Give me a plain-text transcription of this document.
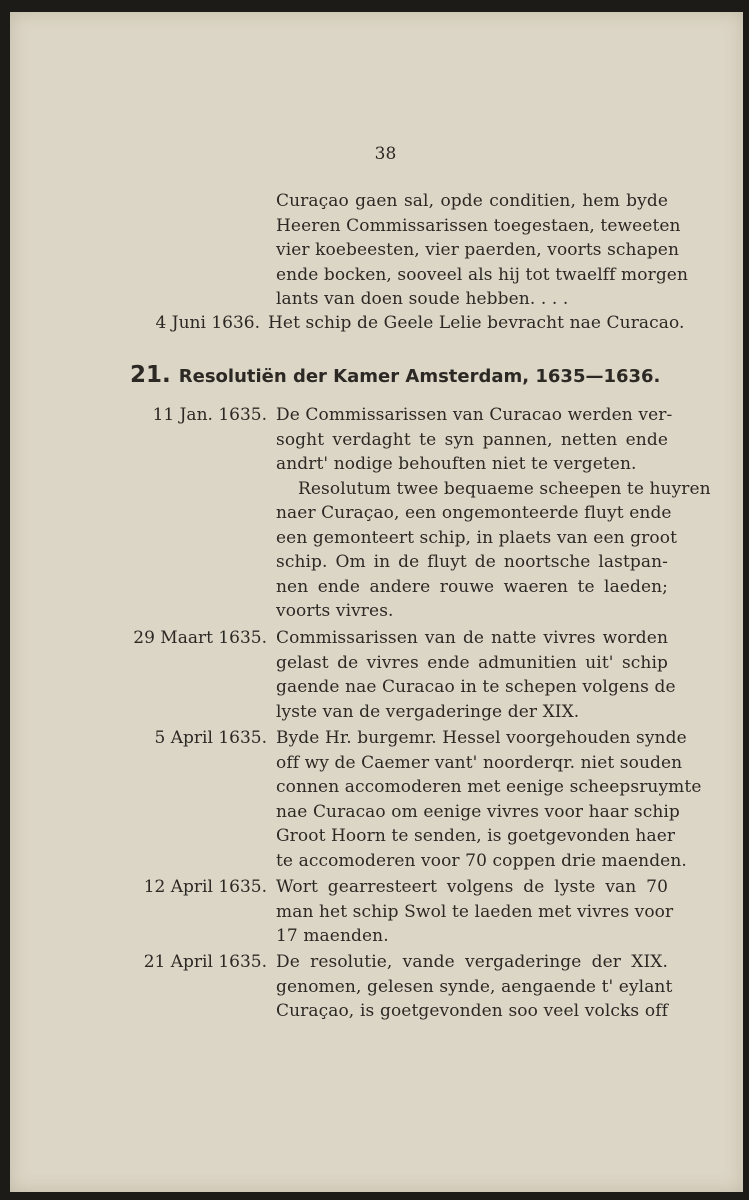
38
Curaçao gaen sal, opde conditien, hem byde
Heeren Commissarissen toegestaen, teweeten
vier koebeesten, vier paerden, voorts schapen
ende bocken, sooveel als hij tot twaelff morgen
lants van doen soude hebben. . . .
4 Juni 1636. Het schip de Geele Lelie bevracht nae Curacao.
21. Resolutiën der Kamer Amsterdam, 1635—1636.
11 Jan. 1635. De Commissarissen van Curacao werden ver-
soght verdaght te syn pannen, netten ende
andrt' nodige behouften niet te vergeten.
Resolutum twee bequaeme scheepen te huyren
naer Curaçao, een ongemonteerde fluyt ende
een gemonteert schip, in plaets van een groot
schip. Om in de fluyt de noortsche lastpan-
nen ende andere rouwe waeren te laeden;
voorts vivres.
29 Maart 1635. Commissarissen van de natte vivres worden
gelast de vivres ende admunitien uit' schip
gaende nae Curacao in te schepen volgens de
lyste van de vergaderinge der XIX.
5 April 1635. Byde Hr. burgemr. Hessel voorgehouden synde
off wy de Caemer vant' noorderqr. niet souden
connen accomoderen met eenige scheepsruymte
nae Curacao om eenige vivres voor haar schip
Groot Hoorn te senden, is goetgevonden haer
te accomoderen voor 70 coppen drie maenden.
12 April 1635. Wort gearresteert volgens de lyste van 70
man het schip Swol te laeden met vivres voor
17 maenden.
21 April 1635. De resolutie, vande vergaderinge der XIX.
genomen, gelesen synde, aengaende t' eylant
Curaçao, is goetgevonden soo veel volcks off
